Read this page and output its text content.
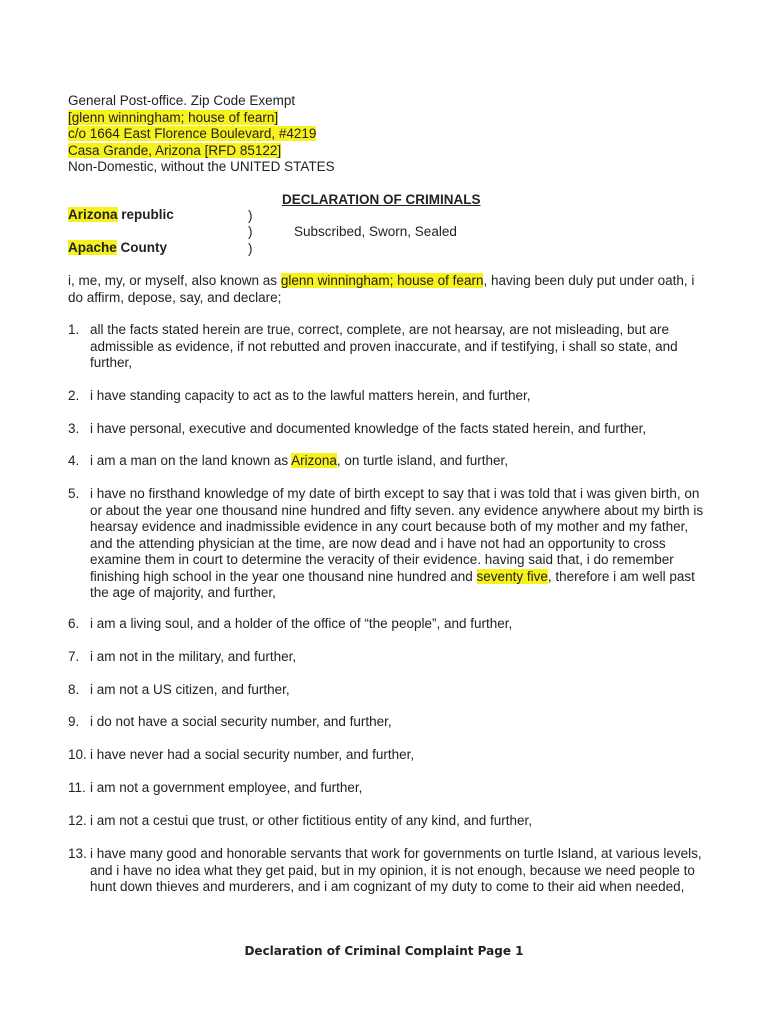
General Post-office. Zip Code Exempt
[glenn winningham; house of fearn]
c/o 1664 East Florence Boulevard, #4219
Casa Grande, Arizona [RFD 85122]
Non-Domestic, without the UNITED STATES
DECLARATION OF CRIMINALS
Arizona republic
Apache County
)
)
)
Subscribed, Sworn, Sealed
i, me, my, or myself, also known as glenn winningham; house of fearn, having been duly put under oath, i do affirm, depose, say, and declare;
1. all the facts stated herein are true, correct, complete, are not hearsay, are not misleading, but are admissible as evidence, if not rebutted and proven inaccurate, and if testifying, i shall so state, and further,
2. i have standing capacity to act as to the lawful matters herein, and further,
3. i have personal, executive and documented knowledge of the facts stated herein, and further,
4. i am a man on the land known as Arizona, on turtle island, and further,
5. i have no firsthand knowledge of my date of birth except to say that i was told that i was given birth, on or about the year one thousand nine hundred and fifty seven. any evidence anywhere about my birth is hearsay evidence and inadmissible evidence in any court because both of my mother and my father, and the attending physician at the time, are now dead and i have not had an opportunity to cross examine them in court to determine the veracity of their evidence. having said that, i do remember finishing high school in the year one thousand nine hundred and seventy five, therefore i am well past the age of majority, and further,
6. i am a living soul, and a holder of the office of “the people”, and further,
7. i am not in the military, and further,
8. i am not a US citizen, and further,
9. i do not have a social security number, and further,
10. i have never had a social security number, and further,
11. i am not a government employee, and further,
12. i am not a cestui que trust, or other fictitious entity of any kind, and further,
13. i have many good and honorable servants that work for governments on turtle Island, at various levels, and i have no idea what they get paid, but in my opinion, it is not enough, because we need people to hunt down thieves and murderers, and i am cognizant of my duty to come to their aid when needed,
Declaration of Criminal Complaint Page 1
